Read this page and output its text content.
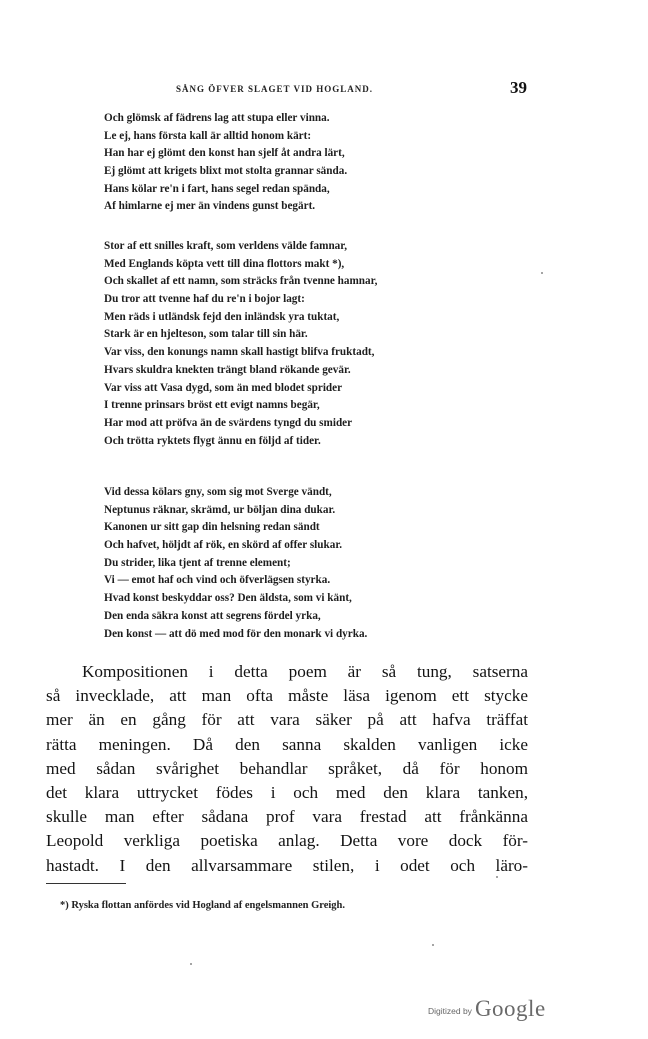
SÅNG ÖFVER SLAGET VID HOGLAND.	39
Och glömsk af fädrens lag att stupa eller vinna.
Le ej, hans första kall är alltid honom kärt:
Han har ej glömt den konst han sjelf åt andra lärt,
Ej glömt att krigets blixt mot stolta grannar sända.
Hans kölar re'n i fart, hans segel redan spända,
Af himlarne ej mer än vindens gunst begärt.
Stor af ett snilles kraft, som verldens välde famnar,
Med Englands köpta vett till dina flottors makt *),
Och skallet af ett namn, som sträcks från tvenne hamnar,
Du tror att tvenne haf du re'n i bojor lagt:
Men räds i utländsk fejd den inländsk yra tuktat,
Stark är en hjelteson, som talar till sin här.
Var viss, den konungs namn skall hastigt blifva fruktadt,
Hvars skuldra knekten trängt bland rökande gevär.
Var viss att Vasa dygd, som än med blodet sprider
I trenne prinsars bröst ett evigt namns begär,
Har mod att pröfva än de svärdens tyngd du smider
Och trötta ryktets flygt ännu en följd af tider.
Vid dessa kölars gny, som sig mot Sverge vändt,
Neptunus räknar, skrämd, ur böljan dina dukar.
Kanonen ur sitt gap din helsning redan sändt
Och hafvet, höljdt af rök, en skörd af offer slukar.
Du strider, lika tjent af trenne element;
Vi — emot haf och vind och öfverlägsen styrka.
Hvad konst beskyddar oss? Den äldsta, som vi känt,
Den enda säkra konst att segrens fördel yrka,
Den konst — att dö med mod för den monark vi dyrka.
Kompositionen i detta poem är så tung, satserna
så invecklade, att man ofta måste läsa igenom ett stycke
mer än en gång för att vara säker på att hafva träffat
rätta meningen. Då den sanna skalden vanligen icke
med sådan svårighet behandlar språket, då för honom
det klara uttrycket födes i och med den klara tanken,
skulle man efter sådana prof vara frestad att frånkänna
Leopold verkliga poetiska anlag. Detta vore dock för-
hastadt. I den allvarsammare stilen, i odet och läro-
*) Ryska flottan anfördes vid Hogland af engelsmannen Greigh.
Digitized by Google
